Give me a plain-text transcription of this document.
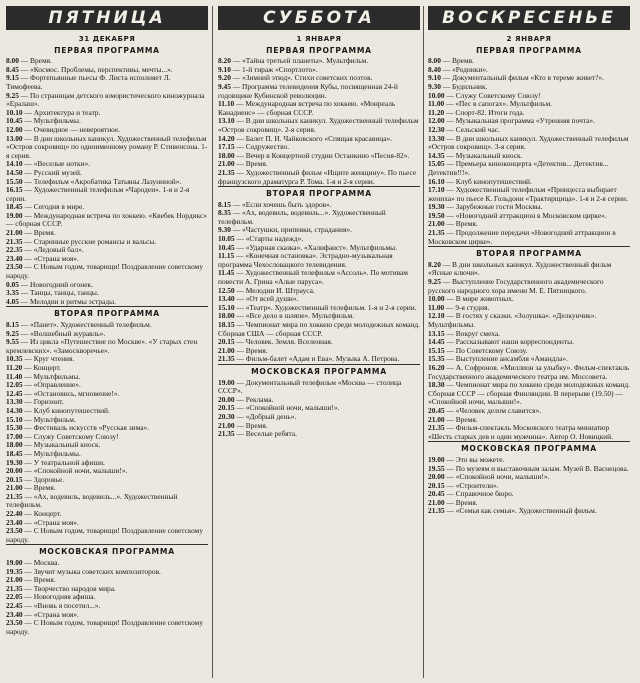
ПЯТНИЦА
31 ДЕКАБРЯ
ПЕРВАЯ ПРОГРАММА

8.00 — Время.

8.45 — «Космос. Проблемы, перспективы, мечты...».

9.15 — Фортепьянные пьесы Ф. Листа исполняет Л. Тимофеева.

9.25 — По страницам детского юмористического киножурнала «Ералаш».

10.10 — Архитектура и театр.

10.45 — Мультфильмы.

12.00 — Очевидное — невероятное.

13.00 — В дни школьных каникул. Художественный телефильм «Остров сокровищ» по одноименному роману Р. Стивенсона. 1-я серия.

14.10 — «Веселые нотки».

14.50 — Русский музей.

15.50 — Телефильм «Акробатика Татьяны Лазуниной».

16.15 — Художественный телефильм «Чародеи». 1-я и 2-я серии.

18.45 — Сегодня в мире.

19.00 — Международная встреча по хоккею. «Квебек Нордикс» — сборная СССР.

21.00 — Время.

21.35 — Старинные русские романсы и вальсы.

22.35 — «Ледовый бал».

23.40 — «Страна моя».

23.50 — С Новым годом, товарищи! Поздравление советскому народу.

0.05 — Новогодний огонек.

3.35 — Танцы, танцы, танцы.

4.05 — Мелодии и ритмы эстрады.

ВТОРАЯ ПРОГРАММА

8.15 — «Панет». Художественный телефильм.

9.25 — «Волшебный журавль».

9.55 — Из цикла «Путешествие по Москве». «У старых стен кремлевских». «Замоскворечье».

10.35 — Круг чтения.

11.20 — Концерт.

11.40 — Мультфильмы.

12.05 — «Оправление».

12.45 — «Остановись, мгновение!».

13.30 — Горизонт.

14.30 — Клуб кинопутешествий.

15.10 — Мультфильм.

15.30 — Фестиваль искусств «Русская зима».

17.00 — Служу Советскому Союзу!

18.00 — Музыкальный киоск.

18.45 — Мультфильмы.

19.30 — У театральной афиши.

20.00 — «Спокойной ночи, малыши!».

20.15 — Здоровье.

21.00 — Время.

21.35 — «Ах, водевиль, водевиль...». Художественный телефильм.

22.40 — Концерт.

23.40 — «Страна моя».

23.50 — С Новым годом, товарищи! Поздравление советскому народу.

МОСКОВСКАЯ ПРОГРАММА

19.00 — Москва.

19.35 — Звучит музыка советских композиторов.

21.00 — Время.

21.35 — Творчество народов мира.

22.05 — Новогодняя афиша.

22.45 — «Вновь я посетил...».

23.40 — «Страна моя».

23.50 — С Новым годом, товарищи! Поздравление советскому народу.

СУББОТА
1 ЯНВАРЯ
ПЕРВАЯ ПРОГРАММА

8.20 — «Тайна третьей планеты». Мультфильм.

9.10 — 1-й тираж «Спортлото».

9.20 — «Зимний этюд». Стихи советских поэтов.

9.45 — Программа телевидения Кубы, посвященная 24-й годовщине Кубинской революции.

11.10 — Международная встреча по хоккею. «Монреаль Канадиенс» — сборная СССР.

13.10 — В дни школьных каникул. Художественный телефильм «Остров сокровищ». 2-я серия.

14.20 — Балет П. И. Чайковского «Спящая красавица».

17.15 — Содружество.

18.00 — Вечер в Концертной студии Останкино «Песня-82».

21.00 — Время.

21.35 — Художественный фильм «Ищите женщину». По пьесе французского драматурга Р. Тома. 1-я и 2-я серии.

ВТОРАЯ ПРОГРАММА

8.15 — «Если хочешь быть здоров».

8.35 — «Ах, водевиль, водевиль...». Художественный телефильм.

9.30 — «Частушки, припевки, страдания».

10.05 — «Старты надежд».

10.45 — «Ударная сказка». «Халифаист». Мультфильмы.

11.15 — «Конечная остановка». Эстрадно-музыкальная программа Чехословацкого телевидения.

11.45 — Художественный телефильм «Ассоль». По мотивам повести А. Грина «Алые паруса».

12.50 — Мелодии И. Штрауса.

13.40 — «От всей души».

15.10 — «Театр». Художественный телефильм. 1-я и 2-я серии.

18.00 — «Все дело в шляпе». Мультфильм.

18.15 — Чемпионат мира по хоккею среди молодежных команд. Сборная США — сборная СССР.

20.15 — Человек. Земля. Вселенная.

21.00 — Время.

21.35 — Фильм-балет «Адам и Ева». Музыка А. Петрова.

МОСКОВСКАЯ ПРОГРАММА

19.00 — Документальный телефильм «Москва — столица СССР».

20.00 — Реклама.

20.15 — «Спокойной ночи, малыши!».

20.30 — «Добрый день».

21.00 — Время.

21.35 — Веселые ребята.

ВОСКРЕСЕНЬЕ
2 ЯНВАРЯ
ПЕРВАЯ ПРОГРАММА

8.00 — Время.

8.40 — «Родники».

9.10 — Документальный фильм «Кто в тереме живет?».

9.30 — Будильник.

10.00 — Служу Советскому Союзу!

11.00 — «Пес в сапогах». Мультфильм.

11.20 — Спорт-82. Итоги года.

12.00 — Музыкальная программа «Утренняя почта».

12.30 — Сельский час.

13.30 — В дни школьных каникул. Художественный телефильм «Остров сокровищ». 3-я серия.

14.35 — Музыкальный киоск.

15.05 — Премьера киноконцерта «Детектив... Детектив... Детектив!!!».

16.10 — Клуб кинопутешествий.

17.10 — Художественный телефильм «Принцесса выбирает жениха» по пьесе К. Гольдони «Трактирщица». 1-я и 2-я серии.

19.30 — Зарубежные гости Москвы.

19.50 — «Новогодний аттракцион в Московском цирке».

21.00 — Время.

21.35 — Продолжение передачи «Новогодний аттракцион в Московском цирке».

ВТОРАЯ ПРОГРАММА

8.20 — В дни школьных каникул. Художественный фильм «Ясные ключи».

9.25 — Выступление Государственного академического русского народного хора имени М. Е. Пятницкого.

10.00 — В мире животных.

11.00 — 9-я студия.

12.10 — В гостях у сказки. «Золушка». «Делкунчик». Мультфильмы.

13.15 — Вокруг смеха.

14.45 — Рассказывают наши корреспонденты.

15.15 — По Советскому Союзу.

15.35 — Выступление ансамбля «Амандла».

16.20 — А. Софронов. «Миллион за улыбку». Фильм-спектакль Государственного академического театра им. Моссовета.

18.30 — Чемпионат мира по хоккею среди молодежных команд. Сборная СССР — сборная Финляндии. В перерыве (19.50) — «Спокойной ночи, малыши!».

20.45 — «Человек делом славится».

21.00 — Время.

21.35 — Фильм-спектакль Московского театра миниатюр «Шесть старых дев и один мужчина». Автор О. Новицкий.

МОСКОВСКАЯ ПРОГРАММА

19.00 — Это вы можете.

19.55 — По музеям и выставочным залам. Музей В. Васнецова.

20.00 — «Спокойной ночи, малыши!».

20.15 — «Строители».

20.45 — Справочное бюро.

21.00 — Время.

21.35 — «Семья как семья». Художественный фильм.
